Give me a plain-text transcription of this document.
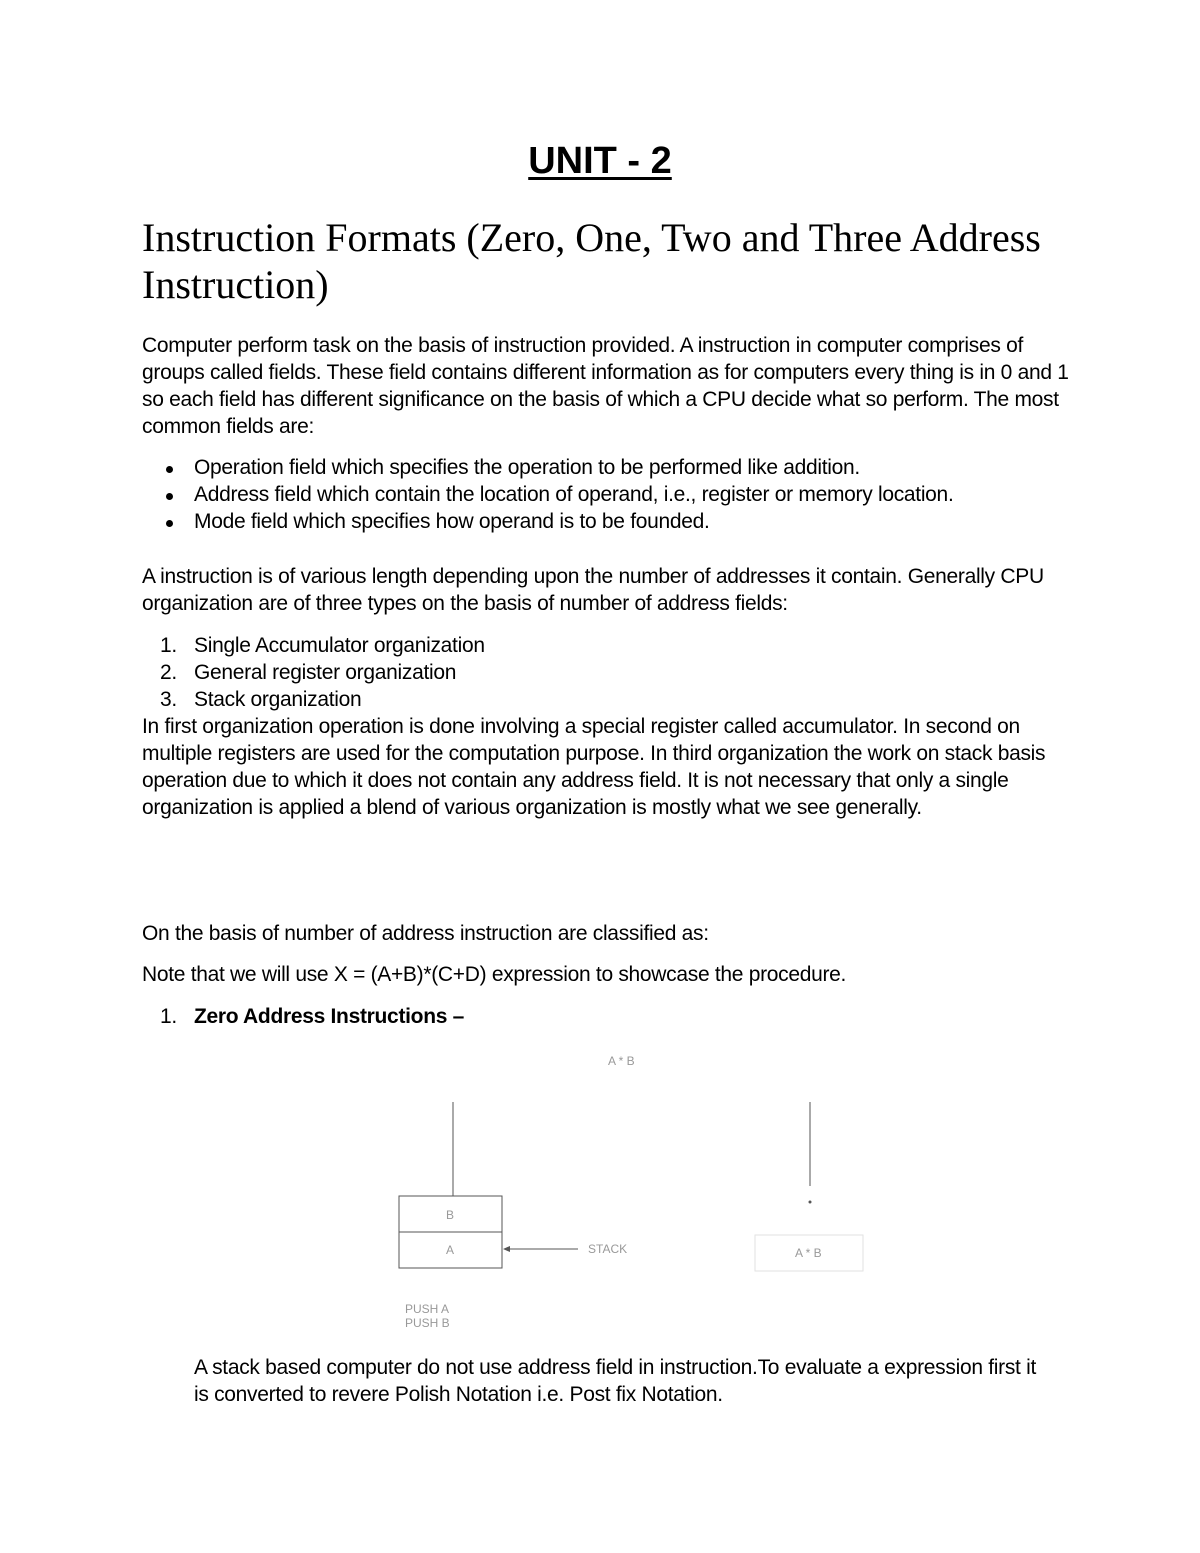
UNIT - 2
Instruction Formats (Zero, One, Two and Three Address Instruction)

Computer perform task on the basis of instruction provided. A instruction in computer comprises of groups called fields. These field contains different information as for computers every thing is in 0 and 1 so each field has different significance on the basis of which a CPU decide what so perform. The most common fields are:

Operation field which specifies the operation to be performed like addition.
Address field which contain the location of operand, i.e., register or memory location.
Mode field which specifies how operand is to be founded.

A instruction is of various length depending upon the number of addresses it contain. Generally CPU organization are of three types on the basis of number of address fields:

1. Single Accumulator organization
2. General register organization
3. Stack organization

In first organization operation is done involving a special register called accumulator. In second on multiple registers are used for the computation purpose. In third organization the work on stack basis operation due to which it does not contain any address field. It is not necessary that only a single organization is applied a blend of various organization is mostly what we see generally.

On the basis of number of address instruction are classified as:

Note that we will use X = (A+B)*(C+D) expression to showcase the procedure.

1. Zero Address Instructions –
A * B
B
A	STACK	A * B
PUSH A
PUSH B

A stack based computer do not use address field in instruction.To evaluate a expression first it is converted to revere Polish Notation i.e. Post fix Notation.
